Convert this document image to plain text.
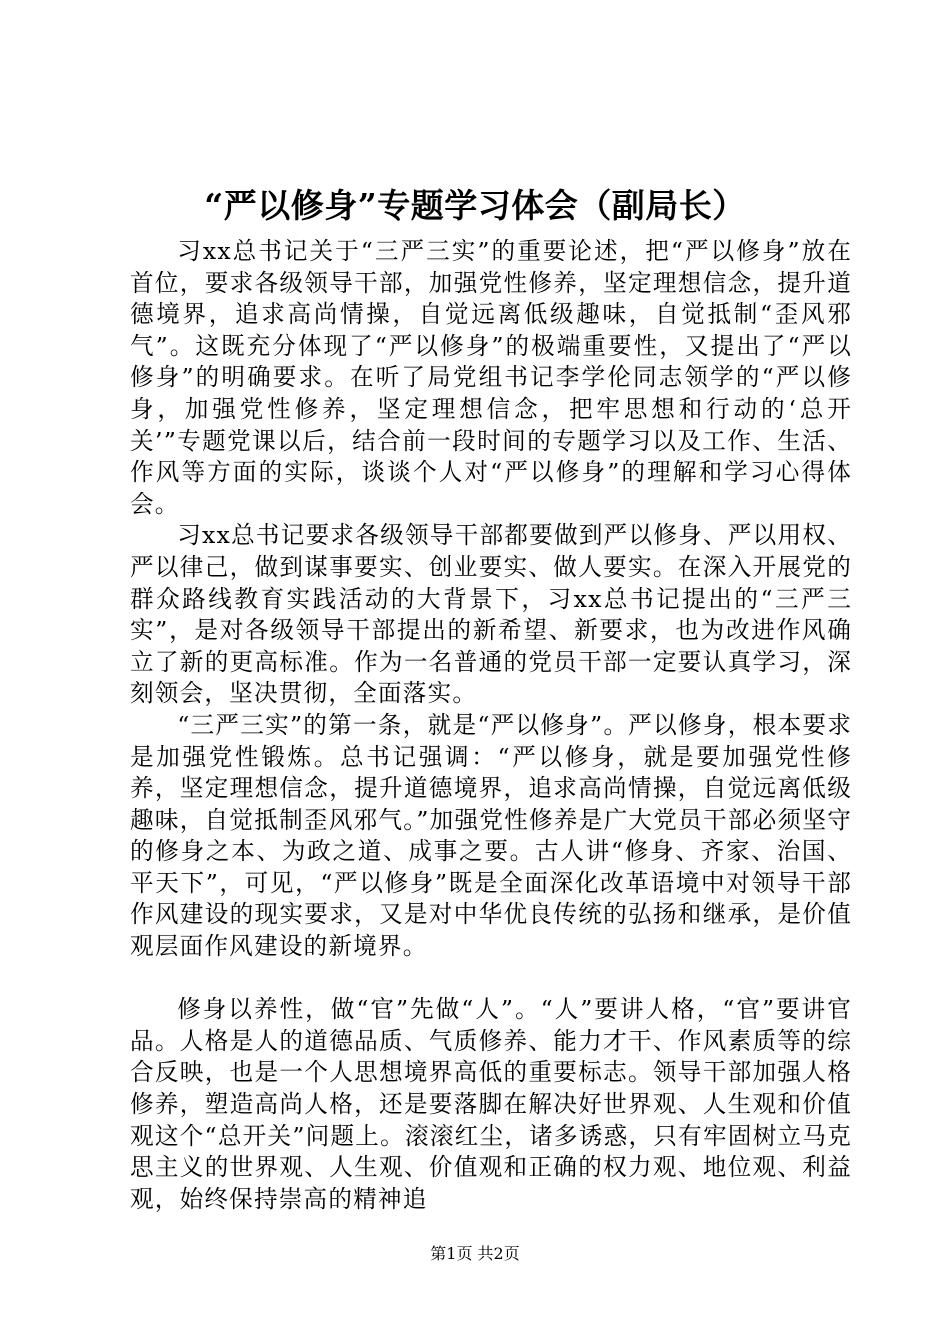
“严以修身”专题学习体会（副局长）

习xx总书记关于“三严三实”的重要论述，把“严以修身”放在首位，要求各级领导干部，加强党性修养，坚定理想信念，提升道德境界，追求高尚情操，自觉远离低级趣味，自觉抵制“歪风邪气”。这既充分体现了“严以修身”的极端重要性，又提出了“严以修身”的明确要求。在听了局党组书记李学伦同志领学的“严以修身，加强党性修养，坚定理想信念，把牢思想和行动的‘总开关’”专题党课以后，结合前一段时间的专题学习以及工作、生活、作风等方面的实际，谈谈个人对“严以修身”的理解和学习心得体会。

习xx总书记要求各级领导干部都要做到严以修身、严以用权、严以律己，做到谋事要实、创业要实、做人要实。在深入开展党的群众路线教育实践活动的大背景下，习xx总书记提出的“三严三实”，是对各级领导干部提出的新希望、新要求，也为改进作风确立了新的更高标准。作为一名普通的党员干部一定要认真学习，深刻领会，坚决贯彻，全面落实。

“三严三实”的第一条，就是“严以修身”。严以修身，根本要求是加强党性锻炼。总书记强调：“严以修身，就是要加强党性修养，坚定理想信念，提升道德境界，追求高尚情操，自觉远离低级趣味，自觉抵制歪风邪气。”加强党性修养是广大党员干部必须坚守的修身之本、为政之道、成事之要。古人讲“修身、齐家、治国、平天下”，可见，“严以修身”既是全面深化改革语境中对领导干部作风建设的现实要求，又是对中华优良传统的弘扬和继承，是价值观层面作风建设的新境界。

修身以养性，做“官”先做“人”。“人”要讲人格，“官”要讲官品。人格是人的道德品质、气质修养、能力才干、作风素质等的综合反映，也是一个人思想境界高低的重要标志。领导干部加强人格修养，塑造高尚人格，还是要落脚在解决好世界观、人生观和价值观这个“总开关”问题上。滚滚红尘，诸多诱惑，只有牢固树立马克思主义的世界观、人生观、价值观和正确的权力观、地位观、利益观，始终保持崇高的精神追

第1页 共2页
